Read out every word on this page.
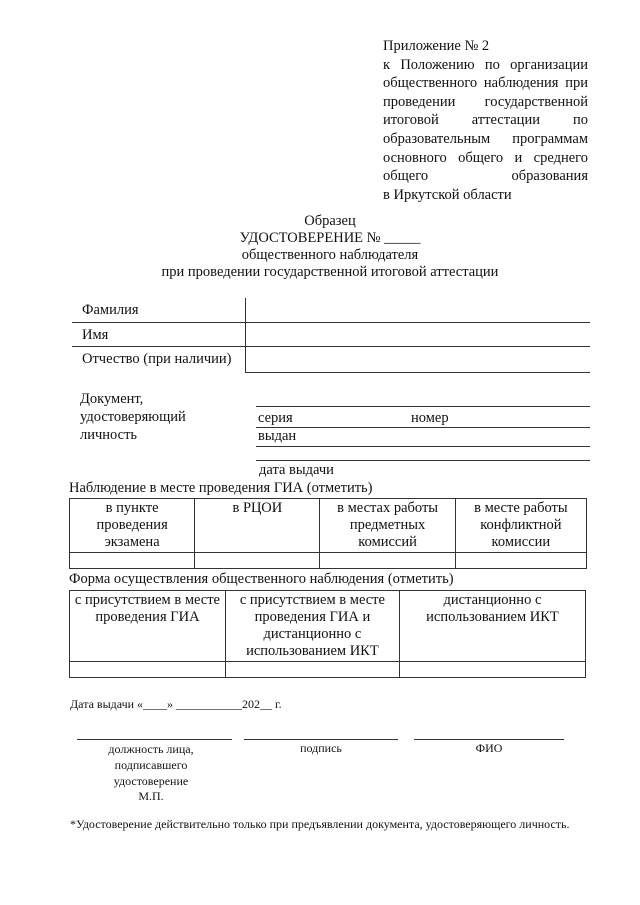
Приложение № 2
к Положению по организации
общественного наблюдения при
проведении государственной
итоговой аттестации по
образовательным программам
основного общего и среднего
общего образования
в Иркутской области
Образец
УДОСТОВЕРЕНИЕ № _____
общественного наблюдателя
при проведении государственной итоговой аттестации
Фамилия
Имя
Отчество (при наличии)
Документ,
удостоверяющий
личность
серия	номер
выдан
дата выдачи
Наблюдение в месте проведения ГИА (отметить)
в пункте проведения экзамена	в РЦОИ	в местах работы предметных комиссий	в месте работы конфликтной комиссии

Форма осуществления общественного наблюдения (отметить)
с присутствием в месте проведения ГИА	с присутствием в месте проведения ГИА и дистанционно с использованием ИКТ	дистанционно с использованием ИКТ

Дата выдачи «____» ___________202__ г.
должность лица, подписавшего удостоверение
М.П.
подпись	ФИО
*Удостоверение действительно только при предъявлении документа, удостоверяющего личность.
